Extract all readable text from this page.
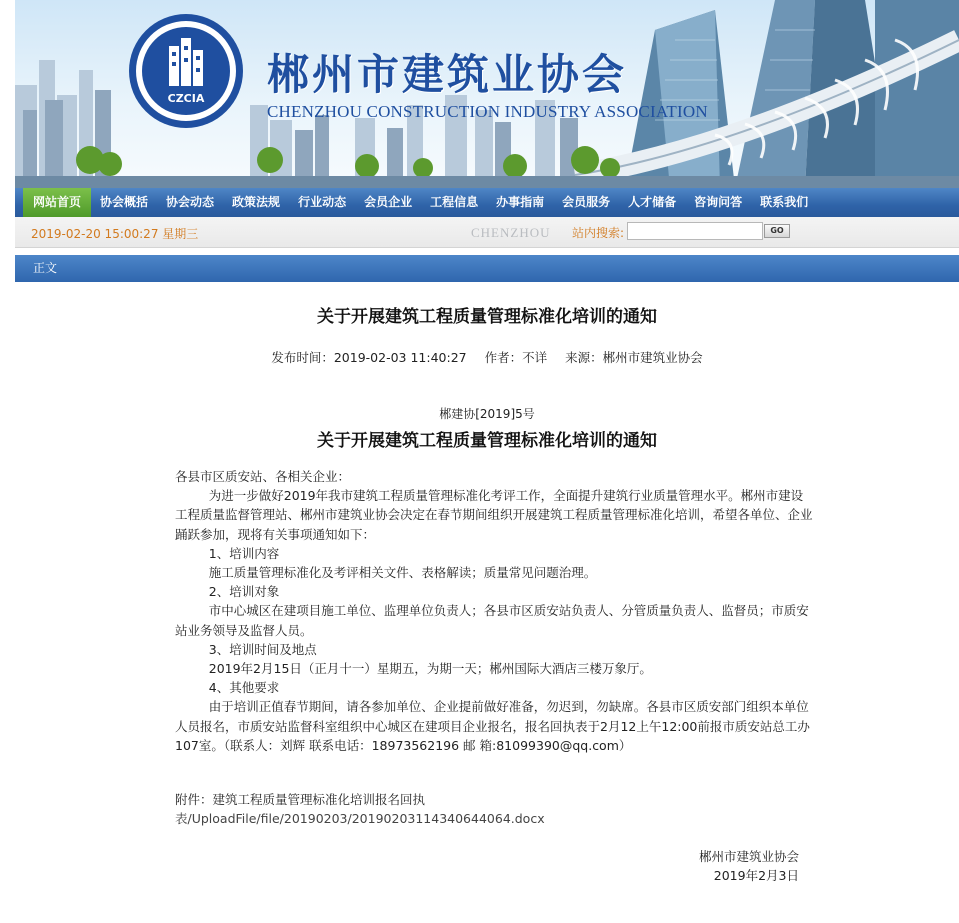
CZCIA 郴州市建筑业协会
CHENZHOU CONSTRUCTION INDUSTRY ASSOCIATION
网站首页	协会概括	协会动态	政策法规	行业动态	会员企业	工程信息	办事指南	会员服务	人才储备	咨询问答	联系我们
2019-02-20 15:00:27 星期三	CHENZHOU 站内搜索:	GO
正文
关于开展建筑工程质量管理标准化培训的通知
发布时间：2019-02-03 11:40:27 作者：不详 来源：郴州市建筑业协会
郴建协[2019]5号
关于开展建筑工程质量管理标准化培训的通知

各县市区质安站、各相关企业：

为进一步做好2019年我市建筑工程质量管理标准化考评工作，全面提升建筑行业质量管理水平。郴州市建设工程质量监督管理站、郴州市建筑业协会决定在春节期间组织开展建筑工程质量管理标准化培训，希望各单位、企业踊跃参加，现将有关事项通知如下：

1、培训内容

施工质量管理标准化及考评相关文件、表格解读；质量常见问题治理。

2、培训对象

市中心城区在建项目施工单位、监理单位负责人；各县市区质安站负责人、分管质量负责人、监督员；市质安站业务领导及监督人员。

3、培训时间及地点

2019年2月15日（正月十一）星期五，为期一天；郴州国际大酒店三楼万象厅。

4、其他要求

由于培训正值春节期间，请各参加单位、企业提前做好准备，勿迟到，勿缺席。各县市区质安部门组织本单位人员报名，市质安站监督科室组织中心城区在建项目企业报名，报名回执表于2月12上午12:00前报市质安站总工办107室。（联系人：刘辉 联系电话：18973562196 邮 箱:81099390@qq.com）

附件：建筑工程质量管理标准化培训报名回执

表/UploadFile/file/20190203/20190203114340644064.docx

郴州市建筑业协会
2019年2月3日
